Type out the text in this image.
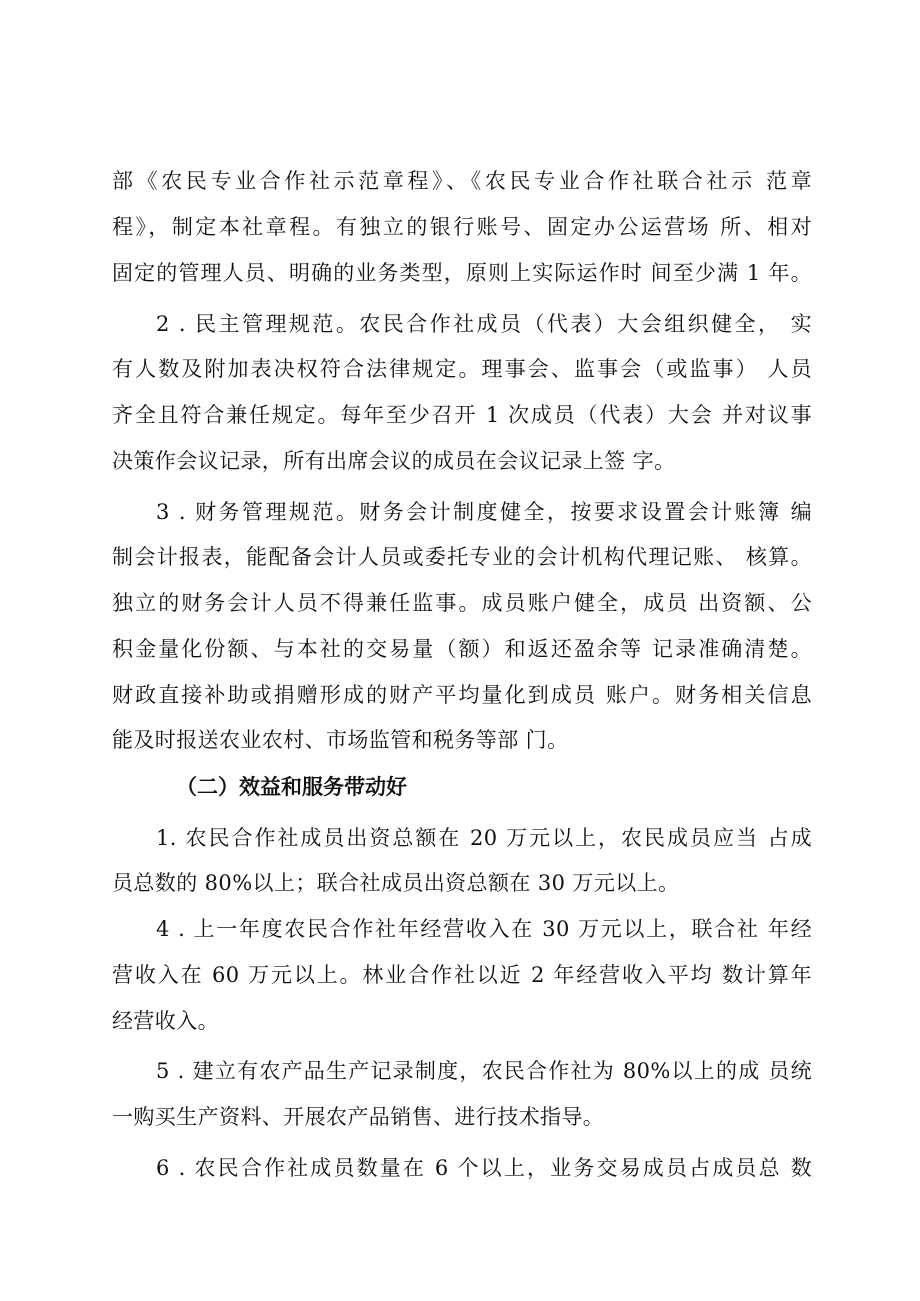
部《农民专业合作社示范章程》、《农民专业合作社联合社示 范章
程》，制定本社章程。有独立的银行账号、固定办公运营场 所、相对
固定的管理人员、明确的业务类型，原则上实际运作时 间至少满 1 年。
2 . 民主管理规范。农民合作社成员（代表）大会组织健全， 实
有人数及附加表决权符合法律规定。理事会、监事会（或监事） 人员
齐全且符合兼任规定。每年至少召开 1 次成员（代表）大会 并对议事
决策作会议记录，所有出席会议的成员在会议记录上签 字。
3 . 财务管理规范。财务会计制度健全，按要求设置会计账簿 编
制会计报表，能配备会计人员或委托专业的会计机构代理记账、 核算。
独立的财务会计人员不得兼任监事。成员账户健全，成员 出资额、公
积金量化份额、与本社的交易量（额）和返还盈余等 记录准确清楚。
财政直接补助或捐赠形成的财产平均量化到成员 账户。财务相关信息
能及时报送农业农村、市场监管和税务等部 门。
（二）效益和服务带动好
1. 农民合作社成员出资总额在 20 万元以上，农民成员应当 占成
员总数的 80%以上；联合社成员出资总额在 30 万元以上。
4 . 上一年度农民合作社年经营收入在 30 万元以上，联合社 年经
营收入在 60 万元以上。林业合作社以近 2 年经营收入平均 数计算年
经营收入。
5 . 建立有农产品生产记录制度，农民合作社为 80%以上的成 员统
一购买生产资料、开展农产品销售、进行技术指导。
6 . 农民合作社成员数量在 6 个以上，业务交易成员占成员总 数
